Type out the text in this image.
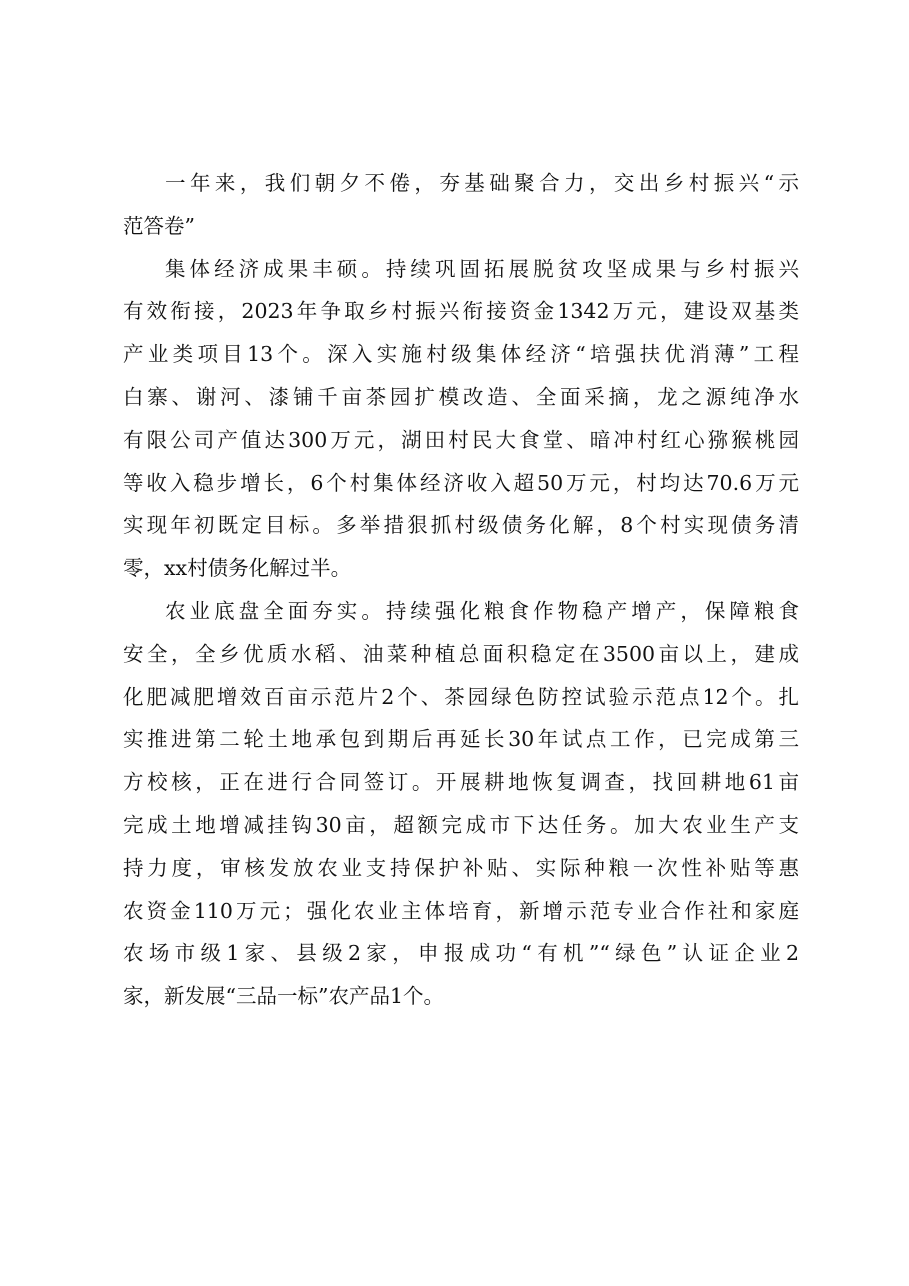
一年来，我们朝夕不倦，夯基础聚合力，交出乡村振兴“示
范答卷”
集体经济成果丰硕。持续巩固拓展脱贫攻坚成果与乡村振兴
有效衔接，2023年争取乡村振兴衔接资金1342万元，建设双基类
产业类项目13个。深入实施村级集体经济“培强扶优消薄”工程
白寨、谢河、漆铺千亩茶园扩模改造、全面采摘，龙之源纯净水
有限公司产值达300万元，湖田村民大食堂、暗冲村红心猕猴桃园
等收入稳步增长，6个村集体经济收入超50万元，村均达70.6万元
实现年初既定目标。多举措狠抓村级债务化解，8个村实现债务清
零，xx村债务化解过半。
农业底盘全面夯实。持续强化粮食作物稳产增产，保障粮食
安全，全乡优质水稻、油菜种植总面积稳定在3500亩以上，建成
化肥减肥增效百亩示范片2个、茶园绿色防控试验示范点12个。扎
实推进第二轮土地承包到期后再延长30年试点工作，已完成第三
方校核，正在进行合同签订。开展耕地恢复调查，找回耕地61亩
完成土地增减挂钩30亩，超额完成市下达任务。加大农业生产支
持力度，审核发放农业支持保护补贴、实际种粮一次性补贴等惠
农资金110万元；强化农业主体培育，新增示范专业合作社和家庭
农场市级1家、县级2家，申报成功“有机”“绿色”认证企业2
家，新发展“三品一标”农产品1个。
